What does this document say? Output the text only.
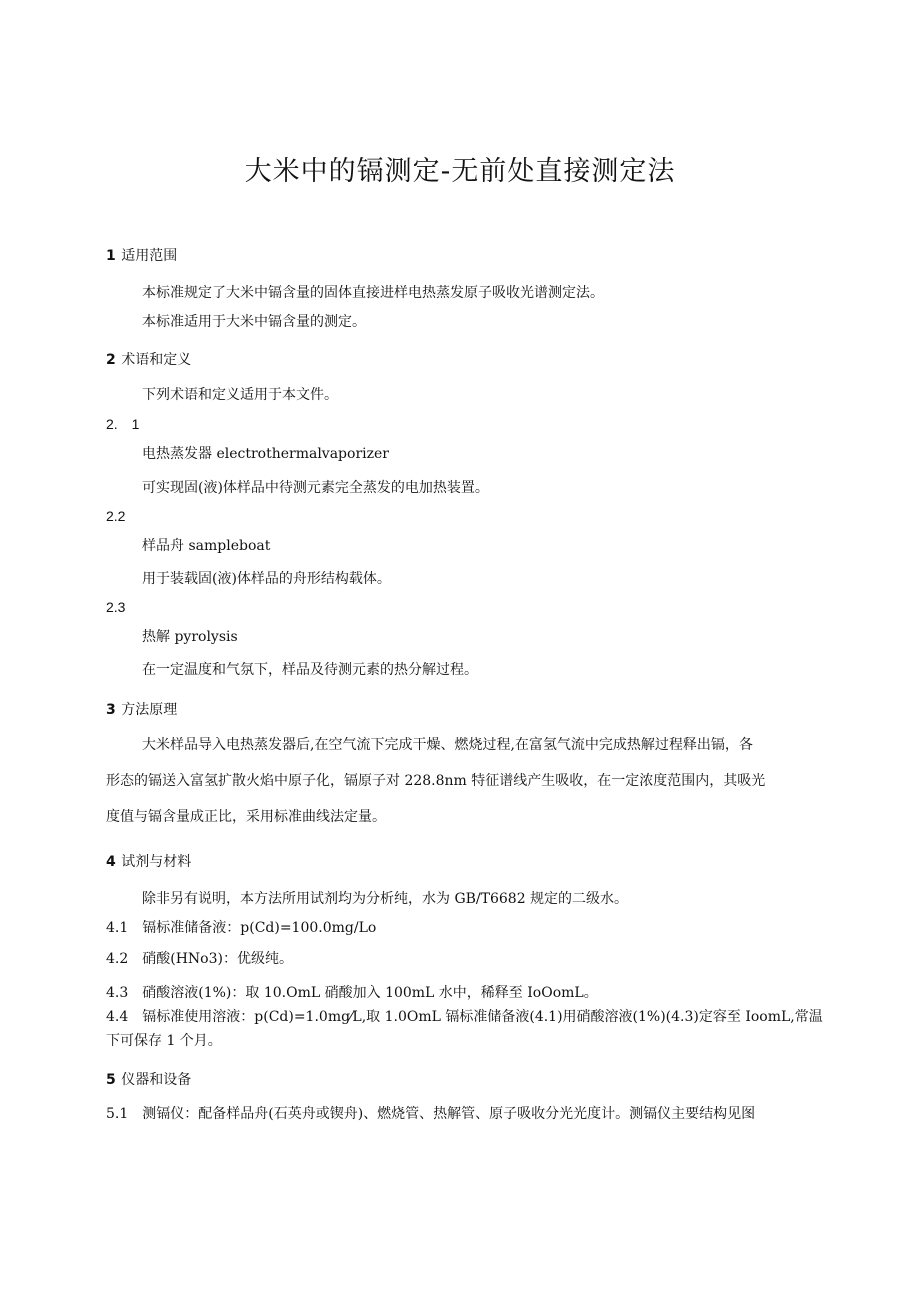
大米中的镉测定-无前处直接测定法
1 适用范围
本标准规定了大米中镉含量的固体直接进样电热蒸发原子吸收光谱测定法。
本标准适用于大米中镉含量的测定。
2 术语和定义
下列术语和定义适用于本文件。
2.　1
电热蒸发器 electrothermalvaporizer
可实现固(液)体样品中待测元素完全蒸发的电加热装置。
2.2
样品舟 sampleboat
用于装载固(液)体样品的舟形结构载体。
2.3
热解 pyrolysis
在一定温度和气氛下，样品及待测元素的热分解过程。
3 方法原理
大米样品导入电热蒸发器后,在空气流下完成干燥、燃烧过程,在富氢气流中完成热解过程释出镉，各
形态的镉送入富氢扩散火焰中原子化，镉原子对 228.8nm 特征谱线产生吸收，在一定浓度范围内，其吸光
度值与镉含量成正比，采用标准曲线法定量。
4 试剂与材料
除非另有说明，本方法所用试剂均为分析纯，水为 GB/T6682 规定的二级水。
4.1　镉标准储备液：p(Cd)=100.0mg/Lo
4.2　硝酸(HNo3)：优级纯。
4.3　硝酸溶液(1%)：取 10.OmL 硝酸加入 100mL 水中，稀释至 IoOomL。
4.4　镉标准使用溶液：p(Cd)=1.0mg⁄L,取 1.0OmL 镉标准储备液(4.1)用硝酸溶液(1%)(4.3)定容至 IoomL,常温
下可保存 1 个月。
5 仪器和设备
5.1　测镉仪：配备样品舟(石英舟或锲舟)、燃烧管、热解管、原子吸收分光光度计。测镉仪主要结构见图
